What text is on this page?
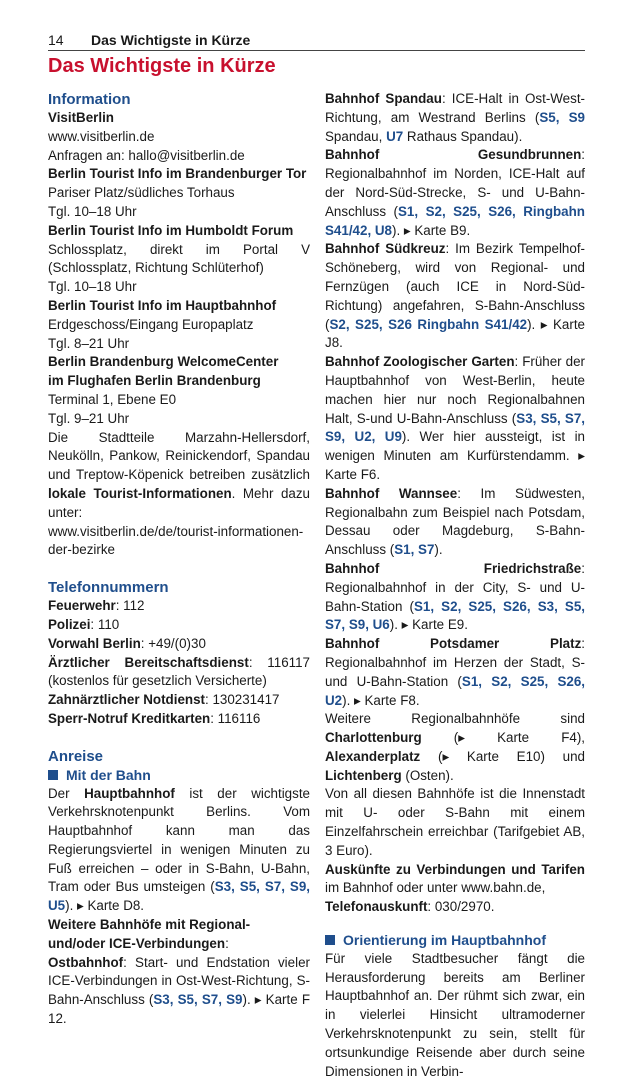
14 Das Wichtigste in Kürze
Das Wichtigste in Kürze

Information

VisitBerlin

www.visitberlin.de

Anfragen an: hallo@visitberlin.de

Berlin Tourist Info im Brandenburger Tor

Pariser Platz/südliches Torhaus

Tgl. 10–18 Uhr

Berlin Tourist Info im Humboldt Forum

Schlossplatz, direkt im Portal V (Schlossplatz, Richtung Schlüterhof)

Tgl. 10–18 Uhr

Berlin Tourist Info im Hauptbahnhof

Erdgeschoss/Eingang Europaplatz

Tgl. 8–21 Uhr

Berlin Brandenburg WelcomeCenter

im Flughafen Berlin Brandenburg

Terminal 1, Ebene E0

Tgl. 9–21 Uhr

Die Stadtteile Marzahn-Hellersdorf, Neukölln, Pankow, Reinickendorf, Spandau und Treptow-Köpenick betreiben zusätzlich lokale Tourist-Informationen. Mehr dazu unter:

www.visitberlin.de/de/tourist-informationen-der-bezirke

Telefonnummern

Feuerwehr: 112

Polizei: 110

Vorwahl Berlin: +49/(0)30

Ärztlicher Bereitschaftsdienst: 116117 (kostenlos für gesetzlich Versicherte)

Zahnärztlicher Notdienst: 130231417

Sperr-Notruf Kreditkarten: 116116

Anreise

Mit der Bahn

Der Hauptbahnhof ist der wichtigste Verkehrsknotenpunkt Berlins. Vom Hauptbahnhof kann man das Regierungsviertel in wenigen Minuten zu Fuß erreichen – oder in S-Bahn, U-Bahn, Tram oder Bus umsteigen (S3, S5, S7, S9, U5). ▸ Karte D8.

Weitere Bahnhöfe mit Regional- und/oder ICE-Verbindungen:

Ostbahnhof: Start- und Endstation vieler ICE-Verbindungen in Ost-West-Richtung, S-Bahn-Anschluss (S3, S5, S7, S9). ▸ Karte F 12.

Bahnhof Spandau: ICE-Halt in Ost-West-Richtung, am Westrand Berlins (S5, S9 Spandau, U7 Rathaus Spandau).

Bahnhof Gesundbrunnen: Regionalbahnhof im Norden, ICE-Halt auf der Nord-Süd-Strecke, S- und U-Bahn-Anschluss (S1, S2, S25, S26, Ringbahn S41/42, U8). ▸ Karte B9.

Bahnhof Südkreuz: Im Bezirk Tempelhof-Schöneberg, wird von Regional- und Fernzügen (auch ICE in Nord-Süd-Richtung) angefahren, S-Bahn-Anschluss (S2, S25, S26 Ringbahn S41/42). ▸ Karte J8.

Bahnhof Zoologischer Garten: Früher der Hauptbahnhof von West-Berlin, heute machen hier nur noch Regionalbahnen Halt, S-und U-Bahn-Anschluss (S3, S5, S7, S9, U2, U9). Wer hier aussteigt, ist in wenigen Minuten am Kurfürstendamm. ▸ Karte F6.

Bahnhof Wannsee: Im Südwesten, Regionalbahn zum Beispiel nach Potsdam, Dessau oder Magdeburg, S-Bahn-Anschluss (S1, S7).

Bahnhof Friedrichstraße: Regionalbahnhof in der City, S- und U-Bahn-Station (S1, S2, S25, S26, S3, S5, S7, S9, U6). ▸ Karte E9.

Bahnhof Potsdamer Platz: Regionalbahnhof im Herzen der Stadt, S- und U-Bahn-Station (S1, S2, S25, S26, U2). ▸ Karte F8.

Weitere Regionalbahnhöfe sind Charlottenburg (▸ Karte F4), Alexanderplatz (▸ Karte E10) und Lichtenberg (Osten).

Von all diesen Bahnhöfe ist die Innenstadt mit U- oder S-Bahn mit einem Einzelfahrschein erreichbar (Tarifgebiet AB, 3 Euro).

Auskünfte zu Verbindungen und Tarifen im Bahnhof oder unter www.bahn.de,

Telefonauskunft: 030/2970.

Orientierung im Hauptbahnhof

Für viele Stadtbesucher fängt die Herausforderung bereits am Berliner Hauptbahnhof an. Der rühmt sich zwar, ein in vielerlei Hinsicht ultramoderner Verkehrsknotenpunkt zu sein, stellt für ortsunkundige Reisende aber durch seine Dimensionen in Verbin-
